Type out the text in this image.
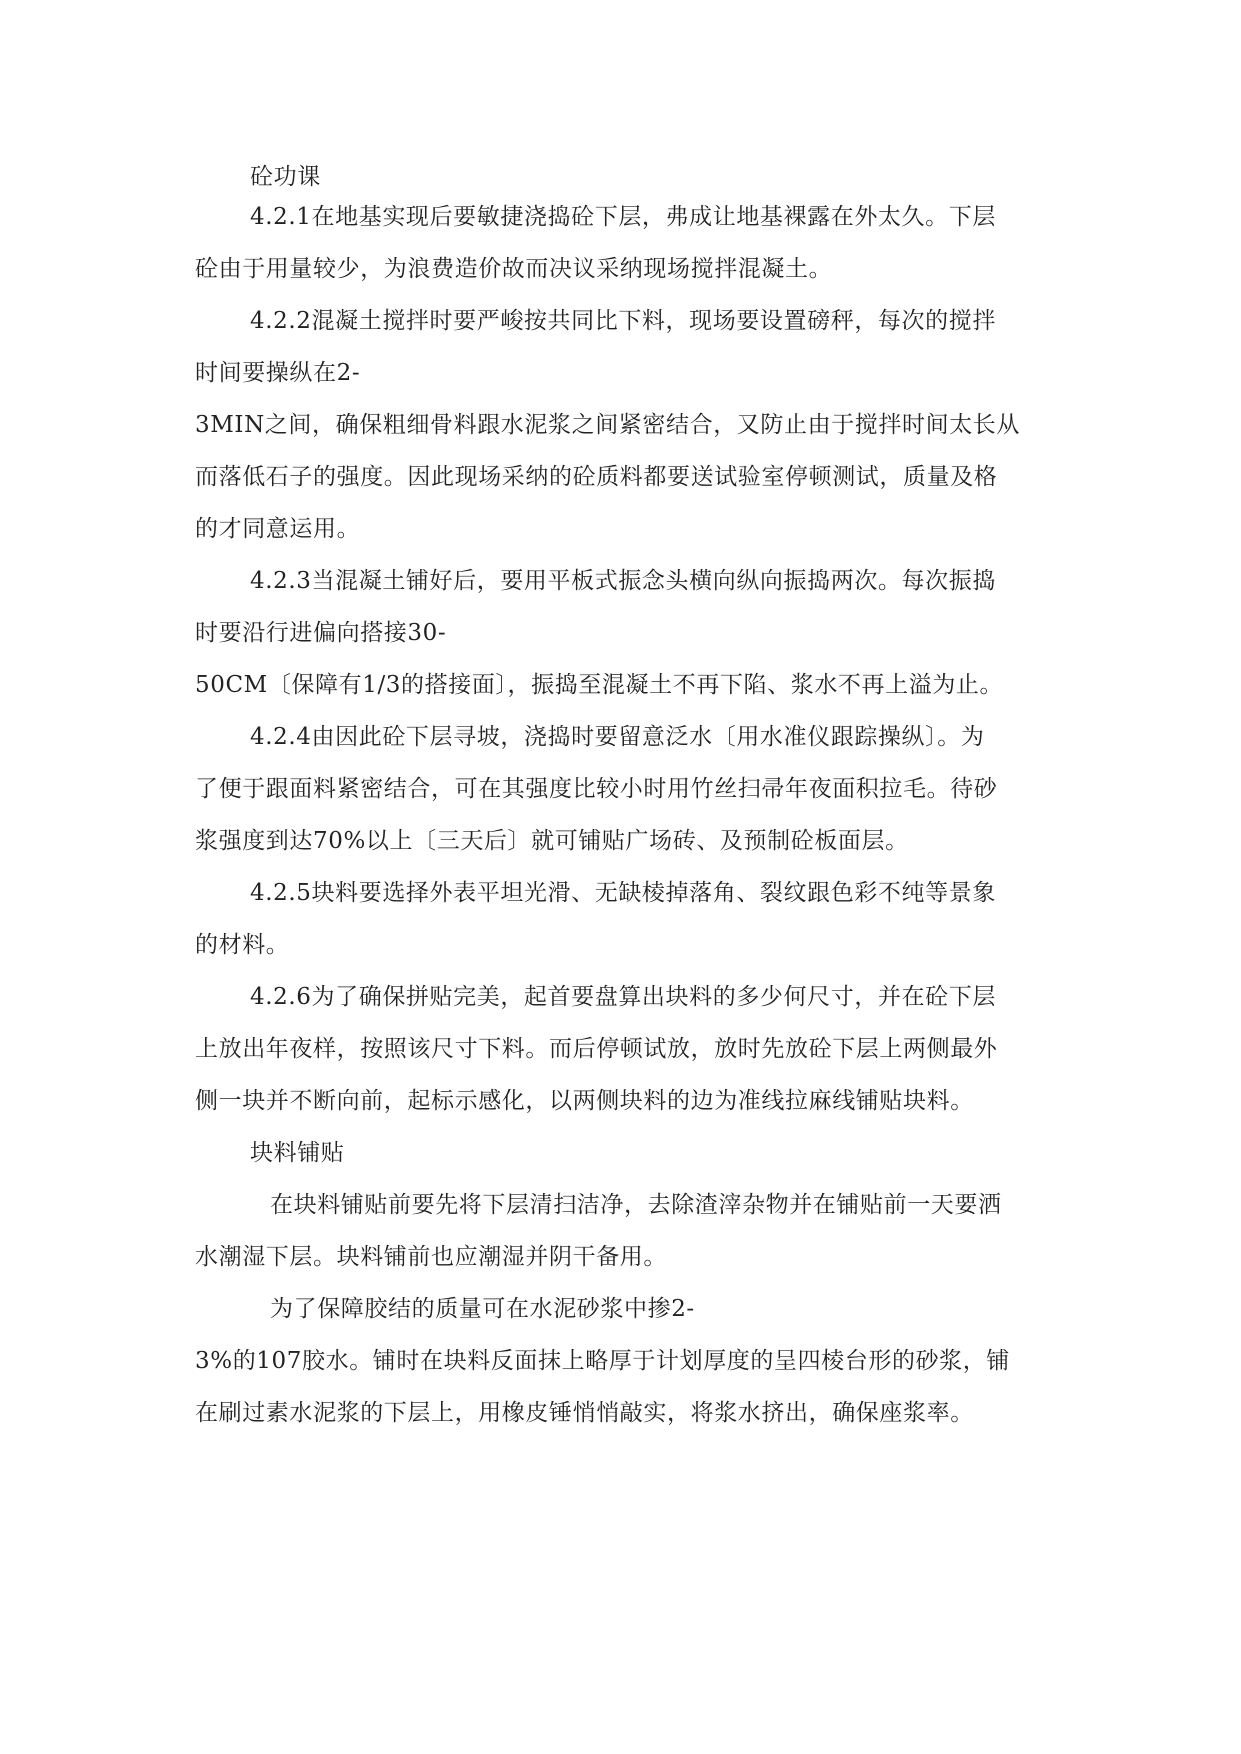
砼功课
4.2.1在地基实现后要敏捷浇捣砼下层，弗成让地基裸露在外太久。下层
砼由于用量较少，为浪费造价故而决议采纳现场搅拌混凝土。
4.2.2混凝土搅拌时要严峻按共同比下料，现场要设置磅秤，每次的搅拌
时间要操纵在2-
3MIN之间，确保粗细骨料跟水泥浆之间紧密结合，又防止由于搅拌时间太长从
而落低石子的强度。因此现场采纳的砼质料都要送试验室停顿测试，质量及格
的才同意运用。
4.2.3当混凝土铺好后，要用平板式振念头横向纵向振捣两次。每次振捣
时要沿行进偏向搭接30-
50CM〔保障有1/3的搭接面〕，振捣至混凝土不再下陷、浆水不再上溢为止。
4.2.4由因此砼下层寻坡，浇捣时要留意泛水〔用水准仪跟踪操纵〕。为
了便于跟面料紧密结合，可在其强度比较小时用竹丝扫帚年夜面积拉毛。待砂
浆强度到达70%以上〔三天后〕就可铺贴广场砖、及预制砼板面层。
4.2.5块料要选择外表平坦光滑、无缺棱掉落角、裂纹跟色彩不纯等景象
的材料。
4.2.6为了确保拼贴完美，起首要盘算出块料的多少何尺寸，并在砼下层
上放出年夜样，按照该尺寸下料。而后停顿试放，放时先放砼下层上两侧最外
侧一块并不断向前，起标示感化，以两侧块料的边为准线拉麻线铺贴块料。
块料铺贴
在块料铺贴前要先将下层清扫洁净，去除渣滓杂物并在铺贴前一天要洒
水潮湿下层。块料铺前也应潮湿并阴干备用。
为了保障胶结的质量可在水泥砂浆中掺2-
3%的107胶水。铺时在块料反面抹上略厚于计划厚度的呈四棱台形的砂浆，铺
在刷过素水泥浆的下层上，用橡皮锤悄悄敲实，将浆水挤出，确保座浆率。
